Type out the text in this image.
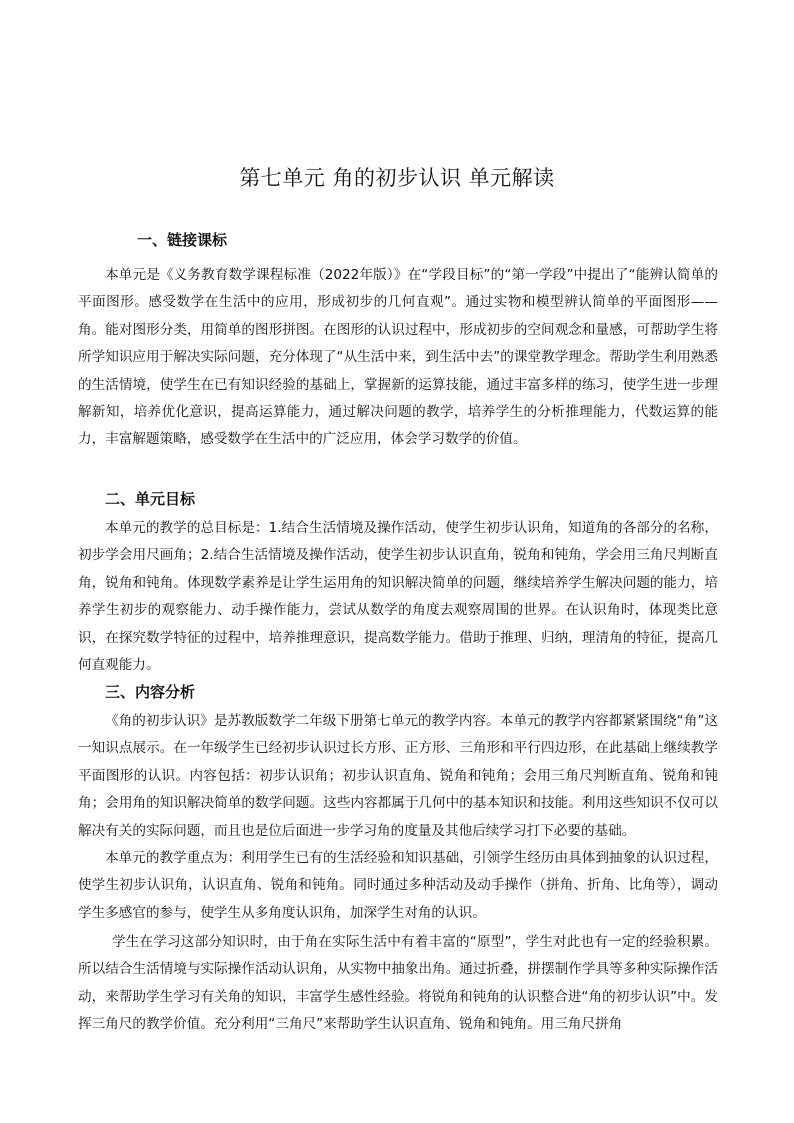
第七单元 角的初步认识 单元解读
一、链接课标

本单元是《义务教育数学课程标准（2022年版）》在“学段目标”的“第一学段”中提出了“能辨认简单的平面图形。感受数学在生活中的应用，形成初步的几何直观”。通过实物和模型辨认简单的平面图形——角。能对图形分类，用简单的图形拼图。在图形的认识过程中，形成初步的空间观念和量感，可帮助学生将所学知识应用于解决实际问题，充分体现了“从生活中来，到生活中去”的课堂教学理念。帮助学生利用熟悉的生活情境，使学生在已有知识经验的基础上，掌握新的运算技能，通过丰富多样的练习，使学生进一步理解新知，培养优化意识，提高运算能力，通过解决问题的教学，培养学生的分析推理能力，代数运算的能力，丰富解题策略，感受数学在生活中的广泛应用，体会学习数学的价值。

二、单元目标

本单元的教学的总目标是：1.结合生活情境及操作活动，使学生初步认识角，知道角的各部分的名称，初步学会用尺画角；2.结合生活情境及操作活动，使学生初步认识直角，锐角和钝角，学会用三角尺判断直角，锐角和钝角。体现数学素养是让学生运用角的知识解决简单的问题，继续培养学生解决问题的能力，培养学生初步的观察能力、动手操作能力，尝试从数学的角度去观察周围的世界。在认识角时，体现类比意识，在探究数学特征的过程中，培养推理意识，提高数学能力。借助于推理、归纳，理清角的特征，提高几何直观能力。

三、内容分析

《角的初步认识》是苏教版数学二年级下册第七单元的教学内容。本单元的教学内容都紧紧围绕“角”这一知识点展示。在一年级学生已经初步认识过长方形、正方形、三角形和平行四边形，在此基础上继续教学平面图形的认识。内容包括：初步认识角；初步认识直角、锐角和钝角；会用三角尺判断直角、锐角和钝角；会用角的知识解决简单的数学问题。这些内容都属于几何中的基本知识和技能。利用这些知识不仅可以解决有关的实际问题，而且也是位后面进一步学习角的度量及其他后续学习打下必要的基础。

本单元的教学重点为：利用学生已有的生活经验和知识基础，引领学生经历由具体到抽象的认识过程，使学生初步认识角，认识直角、锐角和钝角。同时通过多种活动及动手操作（拼角、折角、比角等），调动学生多感官的参与，使学生从多角度认识角，加深学生对角的认识。

学生在学习这部分知识时，由于角在实际生活中有着丰富的“原型”，学生对此也有一定的经验积累。所以结合生活情境与实际操作活动认识角，从实物中抽象出角。通过折叠，拼摆制作学具等多种实际操作活动，来帮助学生学习有关角的知识，丰富学生感性经验。将锐角和钝角的认识整合进“角的初步认识”中。发挥三角尺的教学价值。充分利用“三角尺”来帮助学生认识直角、锐角和钝角。用三角尺拼角
